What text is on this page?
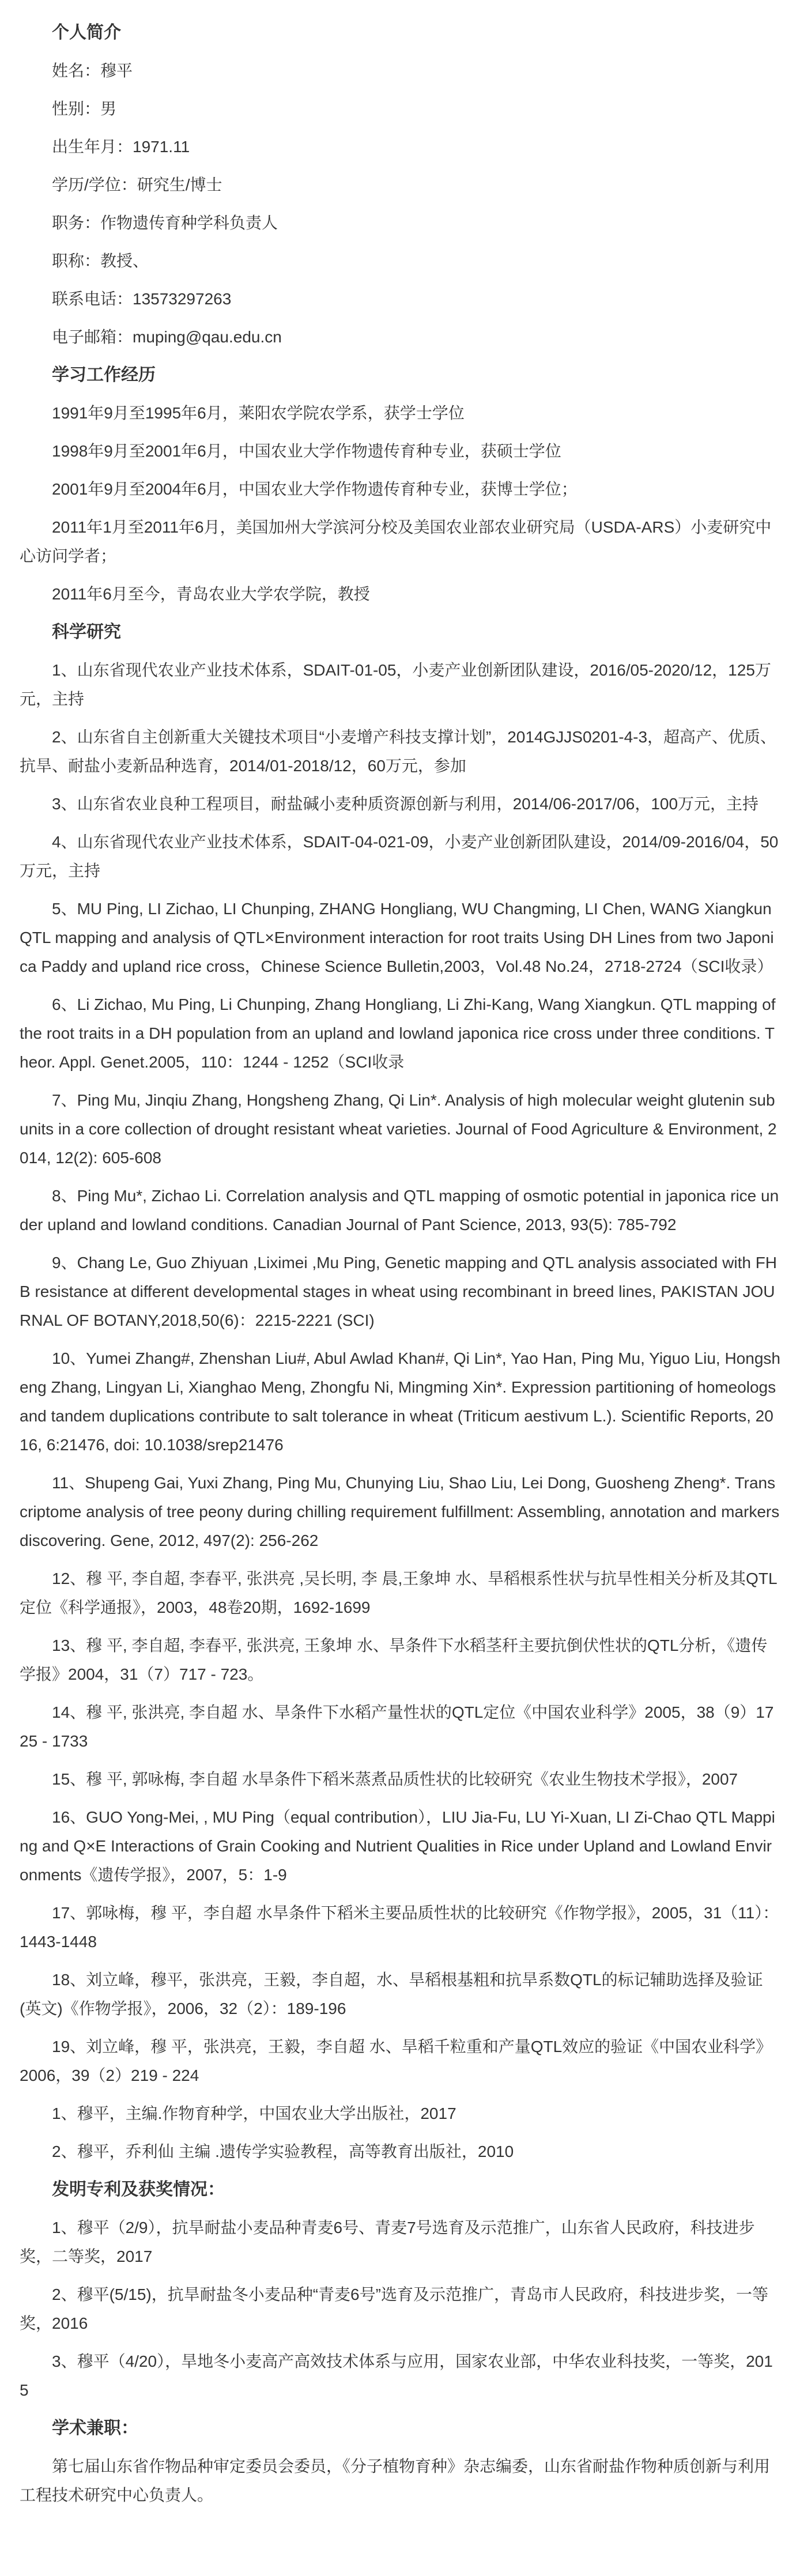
个人简介

姓名：穆平

性别：男

出生年月：1971.11

学历/学位：研究生/博士

职务：作物遗传育种学科负责人

职称：教授、

联系电话：13573297263

电子邮箱：muping@qau.edu.cn

学习工作经历

1991年9月至1995年6月，莱阳农学院农学系，获学士学位

1998年9月至2001年6月，中国农业大学作物遗传育种专业，获硕士学位

2001年9月至2004年6月，中国农业大学作物遗传育种专业，获博士学位；

2011年1月至2011年6月，美国加州大学滨河分校及美国农业部农业研究局（USDA-ARS）小麦研究中心访问学者；

2011年6月至今，青岛农业大学农学院，教授

科学研究

1、山东省现代农业产业技术体系，SDAIT-01-05，小麦产业创新团队建设，2016/05-2020/12，125万元，主持

2、山东省自主创新重大关键技术项目“小麦增产科技支撑计划”，2014GJJS0201-4-3，超高产、优质、抗旱、耐盐小麦新品种选育，2014/01-2018/12，60万元，参加

3、山东省农业良种工程项目，耐盐碱小麦种质资源创新与利用，2014/06-2017/06，100万元，主持

4、山东省现代农业产业技术体系，SDAIT-04-021-09，小麦产业创新团队建设，2014/09-2016/04，50万元，主持

5、MU Ping, LI Zichao, LI Chunping, ZHANG Hongliang, WU Changming, LI Chen, WANG Xiangkun QTL mapping and analysis of QTL×Environment interaction for root traits Using DH Lines from two Japonica Paddy and upland rice cross，Chinese Science Bulletin,2003，Vol.48 No.24，2718-2724（SCI收录）

6、Li Zichao, Mu Ping, Li Chunping, Zhang Hongliang, Li Zhi-Kang, Wang Xiangkun. QTL mapping of the root traits in a DH population from an upland and lowland japonica rice cross under three conditions. Theor. Appl. Genet.2005，110：1244 - 1252（SCI收录

7、Ping Mu, Jinqiu Zhang, Hongsheng Zhang, Qi Lin*. Analysis of high molecular weight glutenin subunits in a core collection of drought resistant wheat varieties. Journal of Food Agriculture & Environment, 2014, 12(2): 605-608

8、Ping Mu*, Zichao Li. Correlation analysis and QTL mapping of osmotic potential in japonica rice under upland and lowland conditions. Canadian Journal of Pant Science, 2013, 93(5): 785-792

9、Chang Le, Guo Zhiyuan ,Liximei ,Mu Ping, Genetic mapping and QTL analysis associated with FHB resistance at different developmental stages in wheat using recombinant in breed lines, PAKISTAN JOURNAL OF BOTANY,2018,50(6)：2215-2221 (SCI)

10、Yumei Zhang#, Zhenshan Liu#, Abul Awlad Khan#, Qi Lin*, Yao Han, Ping Mu, Yiguo Liu, Hongsheng Zhang, Lingyan Li, Xianghao Meng, Zhongfu Ni, Mingming Xin*. Expression partitioning of homeologs and tandem duplications contribute to salt tolerance in wheat (Triticum aestivum L.). Scientific Reports, 2016, 6:21476, doi: 10.1038/srep21476

11、Shupeng Gai, Yuxi Zhang, Ping Mu, Chunying Liu, Shao Liu, Lei Dong, Guosheng Zheng*. Transcriptome analysis of tree peony during chilling requirement fulfillment: Assembling, annotation and markers discovering. Gene, 2012, 497(2): 256-262

12、穆 平, 李自超, 李春平, 张洪亮 ,吴长明, 李 晨,王象坤 水、旱稻根系性状与抗旱性相关分析及其QTL定位《科学通报》，2003，48卷20期，1692-1699

13、穆 平, 李自超, 李春平, 张洪亮, 王象坤 水、旱条件下水稻茎秆主要抗倒伏性状的QTL分析，《遗传学报》2004，31（7）717 - 723。

14、穆 平, 张洪亮, 李自超 水、旱条件下水稻产量性状的QTL定位《中国农业科学》2005，38（9）1725 - 1733

15、穆 平, 郭咏梅, 李自超 水旱条件下稻米蒸煮品质性状的比较研究《农业生物技术学报》，2007

16、GUO Yong-Mei, , MU Ping（equal contribution），LIU Jia-Fu, LU Yi-Xuan, LI Zi-Chao QTL Mapping and Q×E Interactions of Grain Cooking and Nutrient Qualities in Rice under Upland and Lowland Environments《遗传学报》，2007，5：1-9

17、郭咏梅，穆 平，李自超 水旱条件下稻米主要品质性状的比较研究《作物学报》，2005，31（11）：1443-1448

18、刘立峰，穆平，张洪亮，王毅，李自超，水、旱稻根基粗和抗旱系数QTL的标记辅助选择及验证(英文)《作物学报》，2006，32（2）：189-196

19、刘立峰，穆 平，张洪亮，王毅，李自超 水、旱稻千粒重和产量QTL效应的验证《中国农业科学》2006，39（2）219 - 224

1、穆平，主编.作物育种学，中国农业大学出版社，2017

2、穆平，乔利仙 主编 .遗传学实验教程，高等教育出版社，2010

发明专利及获奖情况：

1、穆平（2/9），抗旱耐盐小麦品种青麦6号、青麦7号选育及示范推广，山东省人民政府，科技进步奖，二等奖，2017

2、穆平(5/15)，抗旱耐盐冬小麦品种“青麦6号”选育及示范推广，青岛市人民政府，科技进步奖，一等奖，2016

3、穆平（4/20），旱地冬小麦高产高效技术体系与应用，国家农业部，中华农业科技奖，一等奖，2015

学术兼职：

第七届山东省作物品种审定委员会委员，《分子植物育种》杂志编委，山东省耐盐作物种质创新与利用工程技术研究中心负责人。
